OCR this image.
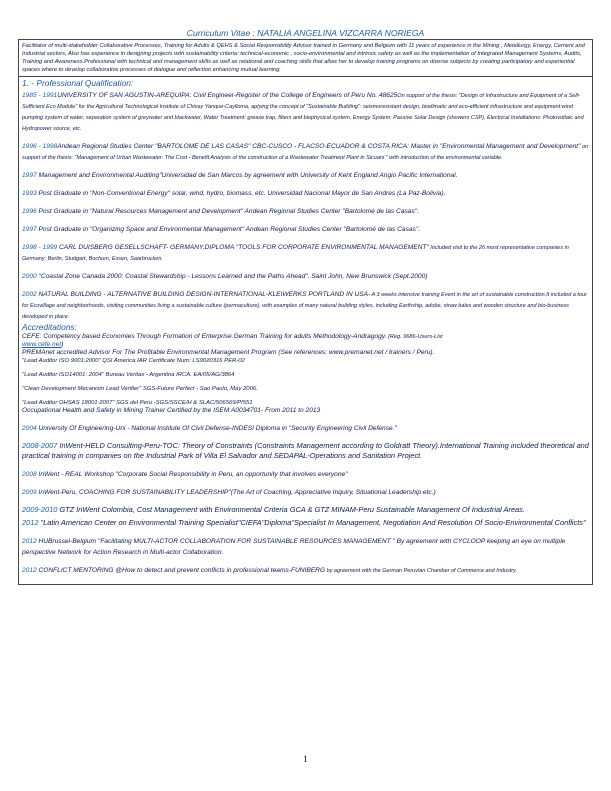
Curriculum Vitae : NATALIA ANGELINA VIZCARRA NORIEGA
Facilitator of multi-stakeholder Collaborative Processes, Training for Adults & QEHS & Social Responsibility Advisor trained in Germany and Belgium with 11 years of experience in the Mining , Metallurgy, Energy, Cement and Industrial sectors, Also has experience in designing projects with sustainability criteria: technical-economic , socio-environmental and intrinsic safety as well as the implementation of Integrated Management Systems, Audits, Training and Awareness.Professional with technical and management skills as well as relational and coaching skills that allow her to develop training programs on diverse subjects by creating participatory and experiential spaces where to develop collaborative processes of dialogue and reflection enhancing mutual learning.
1. - Professional Qualification:
1985 - 1991UNIVERSITY OF SAN AGUSTIN-AREQUIPA: Civil Engineer-Register of the College of Engineers of Peru No. 48625On support of the thesis: "Design of Infrastructure and Equipment of a Self-Sufficient Eco Module" for the Agricultural Technological Institute of Chivay Yanque-Caylloma, aplying the concept of "Sustainable Building": seismoresistant design, biodimatic and eco-efficient infrastructure and equipment:wind pumping system of water, separation system of greywater and blackwater, Water Treatment: grease trap, filters and biophysical system, Energy System: Passive Solar Design (showers CSP), Electrical Installations: Photovoltaic and Hydropower source, etc.
1996 - 1998Andean Regional Studies Center "BARTOLOME DE LAS CASAS" CBC-CUSCO - FLACSO-ECUADOR & COSTA RICA: Master in "Environmental Management and Development" on support of the thesis: "Management of Urban Wastewater: The Cost - Benefit Analysis of the construction of a Wastewater Treatment Plant in Sicuani " with introduction of the environmental variable.
1997 Management and Environmental Auditing"Universidad de San Marcos by agreement with University of Kent England Angio Pacific International.
1993 Post Graduate in "Non-Conventional Energy" solar, wind, hydro, biomass, etc. Universidad Nacional Mayor de San Andres (La Paz-Bolivia).
1996 Post Graduate in "Natural Resources Management and Development" Andean Regional Studies Center "Bartolomé de las Casas".
1997 Post Graduate in "Organizing Space and Environmental Management" Andean Regional Studies Center "Bartolomé de las Casas".
1998 - 1999 CARL DUISBERG GESELLSCHAFT- GERMANY.DIPLOMA "TOOLS FOR CORPORATE ENVIRONMENTAL MANAGEMENT" Included visit to the 26 most representative companies in Germany: Berlin, Stuttgart, Bochum, Essen, Saarbrucken.
2000 "Coastal Zone Canada 2000: Coastal Stewardship - Lessons Learned and the Paths Ahead", Saint John, New Brunswick (Sept.2000)
2002 NATURAL BUILDING - ALTERNATIVE BUILDING DESIGN-INTERNATIONAL-KLEIWERKS PORTLAND IN USA- A 3 weeks intensive training Event in the art of sustainable construction.It included a tour for Ecovillage and neighborhoods, visiting communities living a sustainable culture (permaculture), with examples of many natural building styles, including Earthship, adobe, straw bales and wooden structure and bio-business developed in place.
Accreditations:
CEFE: Competency based Economies Through Formation of Enterprise.German Training for adults Methodology-Andragogy. (Reg. 9686-Users-List
www.cefe.net)
PREMAnet accredited Advisor For The Profitable Environmental Management Program (See references: www.premanet.net / trainers / Peru).
"Lead Auditor ISO 9001:2000" QSI America IAR Certificate Num: LS9020316 PER-02
"Lead Auditor ISO14001: 2004" Bureau Veritas - Argentina IRCA. EA/05/AG/3864
"Clean Development Mecanism Lead Verifier" SGS-Future Perfect - Sao Paulo, May 2006.
"Lead Auditor OHSAS 18001:2007" SGS del Peru -SGS/SSCE/H & SLAC/506569/P/551
Occupational Health and Safety in Mining Trainer Certified by the ISEM A0034701- From 2011 to 2013
2004 University Of Engineering-Uni - National Institute Of Civil Defense-INDESI Diploma in "Security Engineering Civil Defense."
2008-2007 InWent-HELD Consulting-Peru-TOC: Theory of Constraints (Constraints Management according to Goldratt Theory).International Training included theoretical and practical training in companies on the Industrial Park of Villa El Salvador and SEDAPAL-Operations and Sanitation Project.
2008 InWent - REAL Workshop "Corporate Social Responsibility in Peru, an opportunity that involves everyone"
2009 InWent-Peru, COACHING FOR SUSTAINABILITY LEADERSHIP"(The Art of Coaching, Appreciative Inquiry, Situational Leadership etc.)
2009-2010 GTZ InWent Colombia, Cost Management with Environmental Criteria GCA & GTZ MINAM-Peru Sustainable Management Of Industrial Areas.
2012 "Latin American Center on Environmental Training Specialist"CIEFA"Diploma"Specialist In Management, Negotiation And Resolution Of Socio-Environmental Conflicts"
2012 HUBrussel-Belgium "Facilitating MULTI-ACTOR COLLABORATION FOR SUSTAINABLE RESOURCES MANAGEMENT " By agreement with CYCLOOP keeping an eye on multiple perspective Network for Action Research in Multi-actor Collaboration.
2012 CONFLICT MENTORING @How to detect and prevent conflicts in professional teams-FUNIBERG by agreement with the German Peruvian Chamber of Commerce and Industry.
1
